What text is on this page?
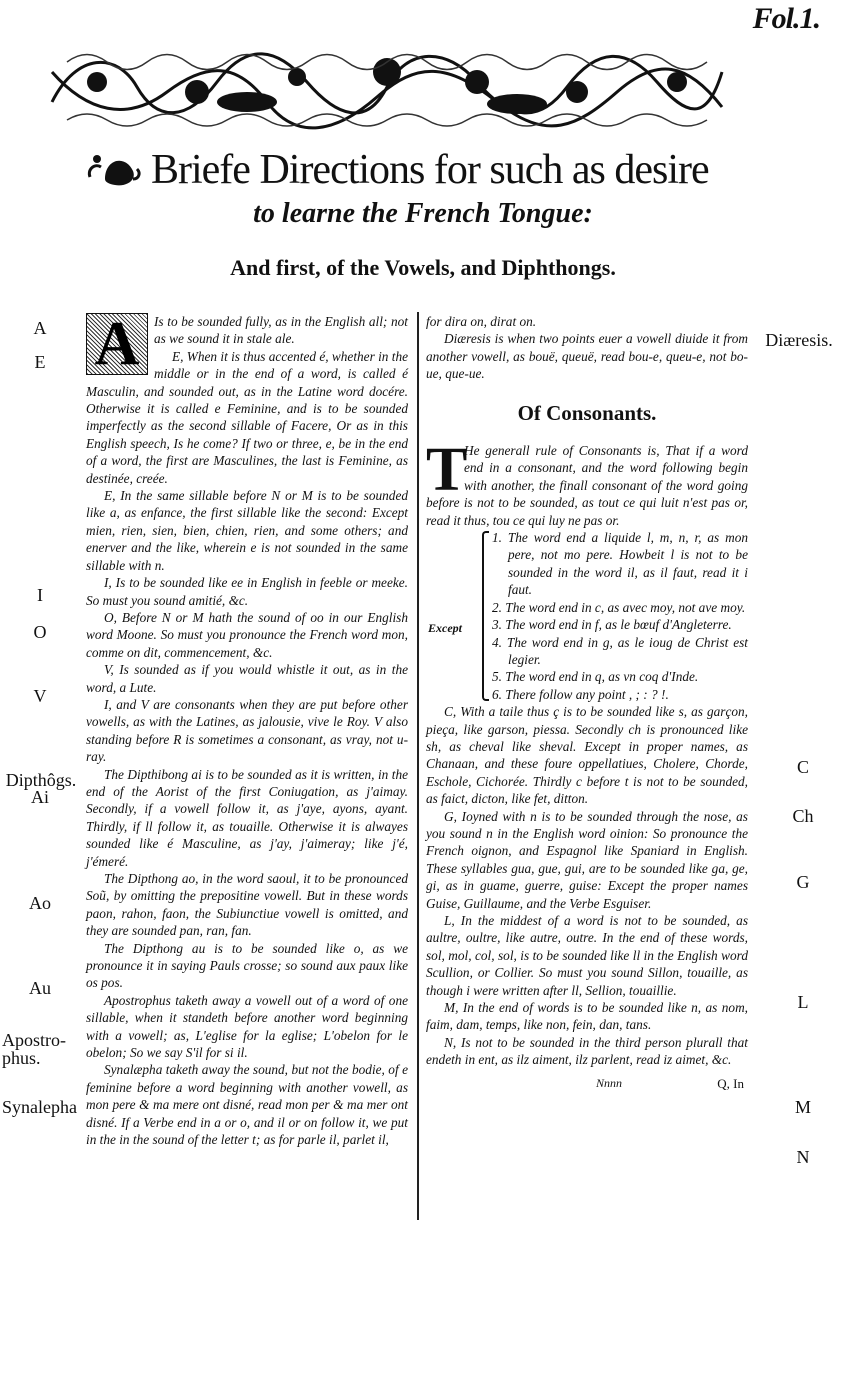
Fol.1.
Briefe Directions for such as desire
to learne the French Tongue:
And first, of the Vowels, and Diphthongs.
A
E
I
O
V
Dipthôgs.
Ai
Ao
Au
Apostro-
phus.
Synalepha
A	Is to be sounded fully, as in the English all; not as we sound it in stale ale.

E, When it is thus accented é, whether in the middle or in the end of a word, is called é Masculin, and sounded out, as in the Latine word docére. Otherwise it is called e Feminine, and is to be sounded imperfectly as the second sillable of Facere, Or as in this English speech, Is he come? If two or three, e, be in the end of a word, the first are Masculines, the last is Feminine, as destinée, creée.

E, In the same sillable before N or M is to be sounded like a, as enfance, the first sillable like the second: Except mien, rien, sien, bien, chien, rien, and some others; and enerver and the like, wherein e is not sounded in the same sillable with n.

I, Is to be sounded like ee in English in feeble or meeke. So must you sound amitié, &c.

O, Before N or M hath the sound of oo in our English word Moone. So must you pronounce the French word mon, comme on dit, commencement, &c.

V, Is sounded as if you would whistle it out, as in the word, a Lute.

I, and V are consonants when they are put before other vowells, as with the Latines, as jalousie, vive le Roy. V also standing before R is sometimes a consonant, as vray, not u-ray.

The Dipthibong ai is to be sounded as it is written, in the end of the Aorist of the first Coniugation, as j'aimay. Secondly, if a vowell follow it, as j'aye, ayons, ayant. Thirdly, if ll follow it, as touaille. Otherwise it is alwayes sounded like é Masculine, as j'ay, j'aimeray; like j'é, j'émeré.

The Dipthong ao, in the word saoul, it to be pronounced Soũ, by omitting the prepositine vowell. But in these words paon, rahon, faon, the Subiunctiue vowell is omitted, and they are sounded pan, ran, fan.

The Dipthong au is to be sounded like o, as we pronounce it in saying Pauls crosse; so sound aux paux like os pos.

Apostrophus taketh away a vowell out of a word of one sillable, when it standeth before another word beginning with a vowell; as, L'eglise for la eglise; L'obelon for le obelon; So we say S'il for si il.

Synalæpha taketh away the sound, but not the bodie, of e feminine before a word beginning with another vowell, as mon pere & ma mere ont disné, read mon per & ma mer ont disné. If a Verbe end in a or o, and il or on follow it, we put in the in the sound of the letter t; as for parle il, parlet il,

Diæresis.
C
Ch
G
L
M
N

for dira on, dirat on.

Diæresis is when two points euer a vowell diuide it from another vowell, as bouë, queuë, read bou-e, queu-e, not bo-ue, que-ue.

Of Consonants.
T

He generall rule of Consonants is, That if a word end in a consonant, and the word following begin with another, the finall consonant of the word going before is not to be sounded, as tout ce qui luit n'est pas or, read it thus, tou ce qui luy ne pas or.

Except

1. The word end a liquide l, m, n, r, as mon pere, not mo pere. Howbeit l is not to be sounded in the word il, as il faut, read it i faut.

2. The word end in c, as avec moy, not ave moy.

3. The word end in f, as le bœuf d'Angleterre.

4. The word end in g, as le ioug de Christ est legier.

5. The word end in q, as vn coq d'Inde.

6. There follow any point , ; : ? !.

C, With a taile thus ç is to be sounded like s, as garçon, pieça, like garson, piessa. Secondly ch is pronounced like sh, as cheval like sheval. Except in proper names, as Chanaan, and these foure oppellatiues, Cholere, Chorde, Eschole, Cichorée. Thirdly c before t is not to be sounded, as faict, dicton, like fet, ditton.

G, Ioyned with n is to be sounded through the nose, as you sound n in the English word oinion: So pronounce the French oignon, and Espagnol like Spaniard in English. These syllables gua, gue, gui, are to be sounded like ga, ge, gi, as in guame, guerre, guise: Except the proper names Guise, Guillaume, and the Verbe Esguiser.

L, In the middest of a word is not to be sounded, as aultre, oultre, like autre, outre. In the end of these words, sol, mol, col, sol, is to be sounded like ll in the English word Scullion, or Collier. So must you sound Sillon, touaille, as though i were written after ll, Sellion, touaillie.

M, In the end of words is to be sounded like n, as nom, faim, dam, temps, like non, fein, dan, tans.

N, Is not to be sounded in the third person plurall that endeth in ent, as ilz aiment, ilz parlent, read iz aimet, &c.

Nnnn	Q, In
